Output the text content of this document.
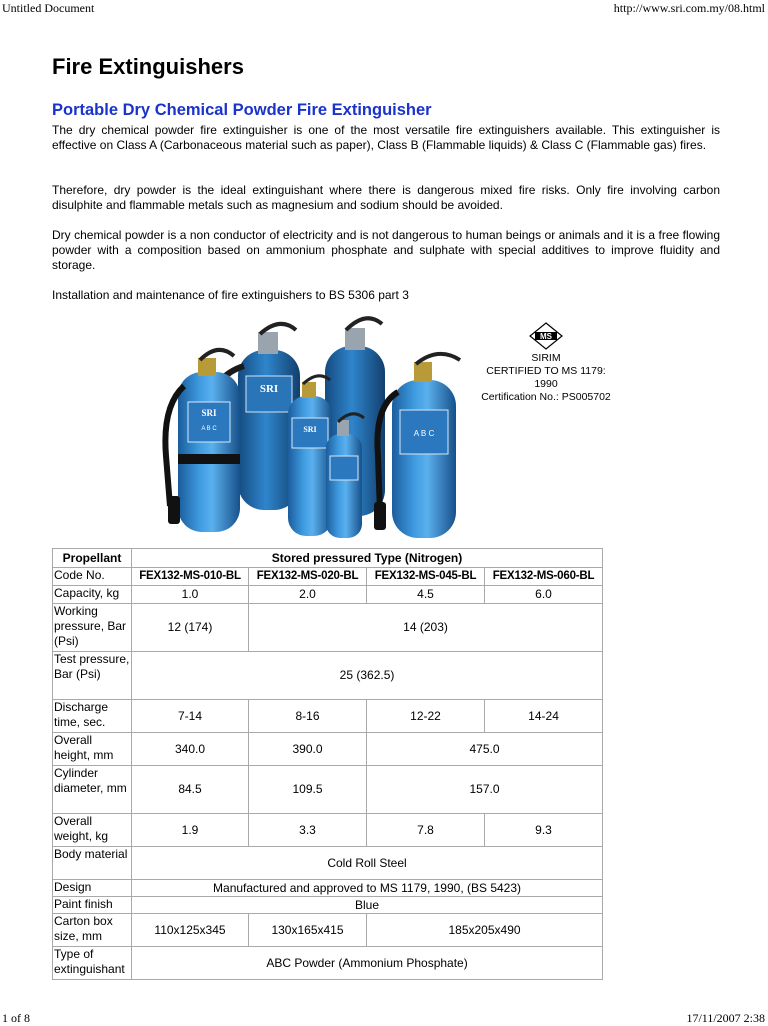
Untitled Document	http://www.sri.com.my/08.html
Fire Extinguishers
Portable Dry Chemical Powder Fire Extinguisher

The dry chemical powder fire extinguisher is one of the most versatile fire extinguishers available. This extinguisher is effective on Class A (Carbonaceous material such as paper), Class B (Flammable liquids) & Class C (Flammable gas) fires.

Therefore, dry powder is the ideal extinguishant where there is dangerous mixed fire risks. Only fire involving carbon disulphite and flammable metals such as magnesium and sodium should be avoided.

Dry chemical powder is a non conductor of electricity and is not dangerous to human beings or animals and it is a free flowing powder with a composition based on ammonium phosphate and sulphate with special additives to improve fluidity and storage.

Installation and maintenance of fire extinguishers to BS 5306 part 3

SRI
SRI
A B C	A B C
SRI
MS
SIRIM
CERTIFIED TO MS 1179:
1990
Certification No.: PS005702
Propellant	Stored pressured Type (Nitrogen)			
Code No.	FEX132-MS-010-BL	FEX132-MS-020-BL	FEX132-MS-045-BL	FEX132-MS-060-BL
Capacity, kg	1.0	2.0	4.5	6.0
Working pressure, Bar (Psi)	12 (174)	14 (203)		
Test pressure, Bar (Psi)	25 (362.5)			
Discharge time, sec.	7-14	8-16	12-22	14-24
Overall height, mm	340.0	390.0	475.0	
Cylinder diameter, mm	84.5	109.5	157.0	
Overall weight, kg	1.9	3.3	7.8	9.3
Body material	Cold Roll Steel			
Design	Manufactured and approved to MS 1179, 1990, (BS 5423)			
Paint finish	Blue			
Carton box size, mm	110x125x345	130x165x415	185x205x490	
Type of extinguishant	ABC Powder (Ammonium Phosphate)			
1 of 8	17/11/2007 2:38
